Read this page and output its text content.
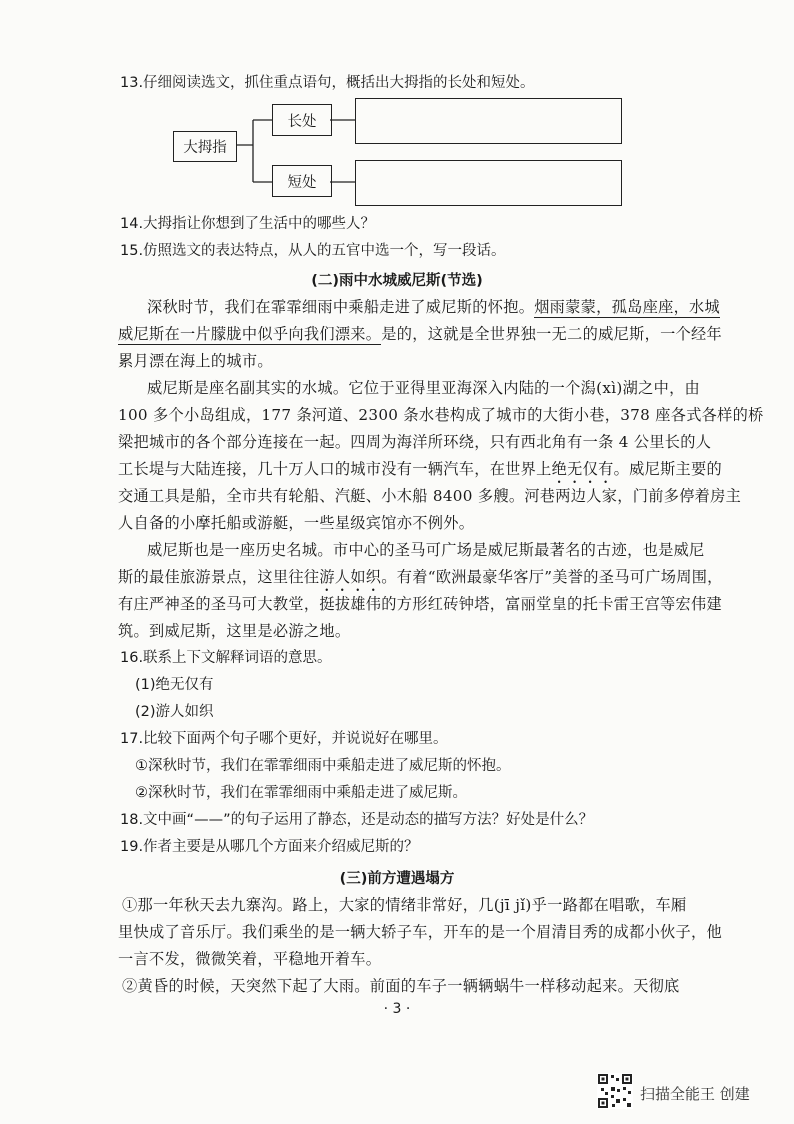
13.仔细阅读选文，抓住重点语句，概括出大拇指的长处和短处。
大拇指
长处
短处
14.大拇指让你想到了生活中的哪些人？
15.仿照选文的表达特点，从人的五官中选一个，写一段话。
(二)雨中水城威尼斯(节选)
深秋时节，我们在霏霏细雨中乘船走进了威尼斯的怀抱。烟雨蒙蒙，孤岛座座，水城
威尼斯在一片朦胧中似乎向我们漂来。是的，这就是全世界独一无二的威尼斯，一个经年
累月漂在海上的城市。
威尼斯是座名副其实的水城。它位于亚得里亚海深入内陆的一个潟(xì)湖之中，由
100 多个小岛组成，177 条河道、2300 条水巷构成了城市的大街小巷，378 座各式各样的桥
梁把城市的各个部分连接在一起。四周为海洋所环绕，只有西北角有一条 4 公里长的人
工长堤与大陆连接，几十万人口的城市没有一辆汽车，在世界上绝无仅有。威尼斯主要的
交通工具是船，全市共有轮船、汽艇、小木船 8400 多艘。河巷两边人家，门前多停着房主
人自备的小摩托船或游艇，一些星级宾馆亦不例外。
威尼斯也是一座历史名城。市中心的圣马可广场是威尼斯最著名的古迹，也是威尼
斯的最佳旅游景点，这里往往游人如织。有着“欧洲最豪华客厅”美誉的圣马可广场周围，
有庄严神圣的圣马可大教堂，挺拔雄伟的方形红砖钟塔，富丽堂皇的托卡雷王宫等宏伟建
筑。到威尼斯，这里是必游之地。
16.联系上下文解释词语的意思。
(1)绝无仅有
(2)游人如织
17.比较下面两个句子哪个更好，并说说好在哪里。
①深秋时节，我们在霏霏细雨中乘船走进了威尼斯的怀抱。
②深秋时节，我们在霏霏细雨中乘船走进了威尼斯。
18.文中画“——”的句子运用了静态，还是动态的描写方法？好处是什么？
19.作者主要是从哪几个方面来介绍威尼斯的？
(三)前方遭遇塌方
①那一年秋天去九寨沟。路上，大家的情绪非常好，几(jī jǐ)乎一路都在唱歌，车厢
里快成了音乐厅。我们乘坐的是一辆大轿子车，开车的是一个眉清目秀的成都小伙子，他
一言不发，微微笑着，平稳地开着车。
②黄昏的时候，天突然下起了大雨。前面的车子一辆辆蜗牛一样移动起来。天彻底
· 3 ·
扫描全能王 创建
